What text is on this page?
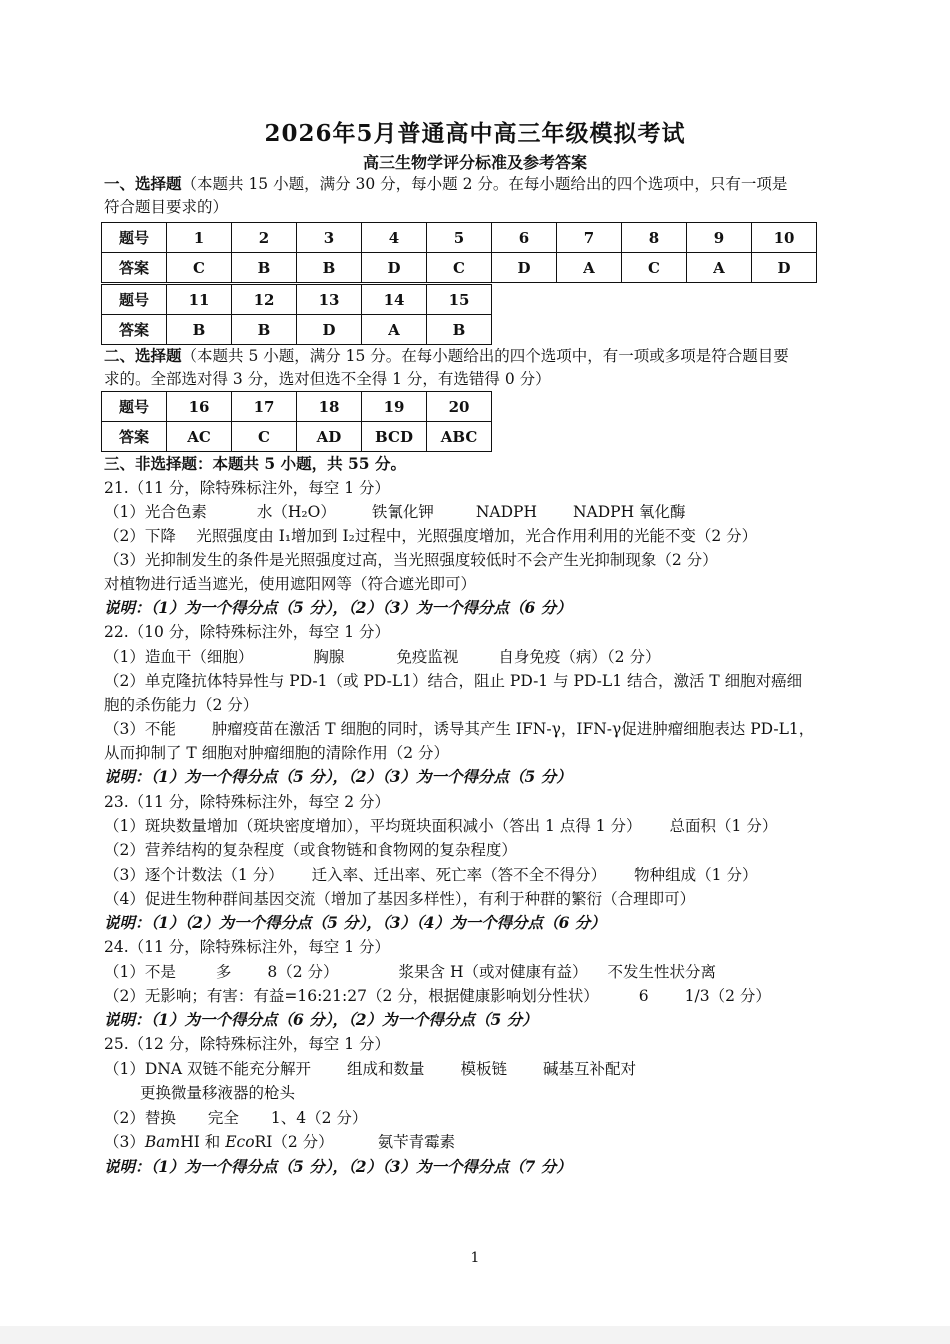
2026年5月普通高中高三年级模拟考试
高三生物学评分标准及参考答案
一、选择题（本题共 15 小题，满分 30 分，每小题 2 分。在每小题给出的四个选项中，只有一项是
符合题目要求的）
题号	1	2	3	4	5	6	7	8	9	10
答案	C	B	B	D	C	D	A	C	A	D
题号	11	12	13	14	15
答案	B	B	D	A	B
二、选择题（本题共 5 小题，满分 15 分。在每小题给出的四个选项中，有一项或多项是符合题目要
求的。全部选对得 3 分，选对但选不全得 1 分，有选错得 0 分）
题号	16	17	18	19	20
答案	AC	C	AD	BCD	ABC
三、非选择题：本题共 5 小题，共 55 分。
21.（11 分，除特殊标注外，每空 1 分）
（1）光合色素	水（H₂O） 铁氰化钾	NADPH NADPH 氧化酶
（2）下降　 光照强度由 I₁增加到 I₂过程中，光照强度增加，光合作用利用的光能不变（2 分）
（3）光抑制发生的条件是光照强度过高，当光照强度较低时不会产生光抑制现象（2 分）
对植物进行适当遮光，使用遮阳网等（符合遮光即可）
说明：（1）为一个得分点（5 分），（2）（3）为一个得分点（6 分）
22.（10 分，除特殊标注外，每空 1 分）
（1）造血干（细胞）	胸腺	免疫监视	自身免疫（病）（2 分）
（2）单克隆抗体特异性与 PD-1（或 PD-L1）结合，阻止 PD-1 与 PD-L1 结合，激活 T 细胞对癌细
胞的杀伤能力（2 分）
（3）不能　　 肿瘤疫苗在激活 T 细胞的同时，诱导其产生 IFN-γ，IFN-γ促进肿瘤细胞表达 PD-L1，
从而抑制了 T 细胞对肿瘤细胞的清除作用（2 分）
说明：（1）为一个得分点（5 分），（2）（3）为一个得分点（5 分）
23.（11 分，除特殊标注外，每空 2 分）
（1）斑块数量增加（斑块密度增加），平均斑块面积减小（答出 1 点得 1 分） 总面积（1 分）
（2）营养结构的复杂程度（或食物链和食物网的复杂程度）
（3）逐个计数法（1 分） 迁入率、迁出率、死亡率（答不全不得分） 物种组成（1 分）
（4）促进生物种群间基因交流（增加了基因多样性），有利于种群的繁衍（合理即可）
说明：（1）（2）为一个得分点（5 分），（3）（4）为一个得分点（6 分）
24.（11 分，除特殊标注外，每空 1 分）
（1）不是	多 8（2 分）	浆果含 H（或对健康有益） 不发生性状分离
（2）无影响；有害：有益=16:21:27（2 分，根据健康影响划分性状）	6 1/3（2 分）
说明：（1）为一个得分点（6 分），（2）为一个得分点（5 分）
25.（12 分，除特殊标注外，每空 1 分）
（1）DNA 双链不能充分解开 组成和数量 模板链 碱基互补配对
更换微量移液器的枪头
（2）替换 完全 1、4（2 分）
（3）BamHI 和 EcoRI（2 分）	氨苄青霉素
说明：（1）为一个得分点（5 分），（2）（3）为一个得分点（7 分）
1
